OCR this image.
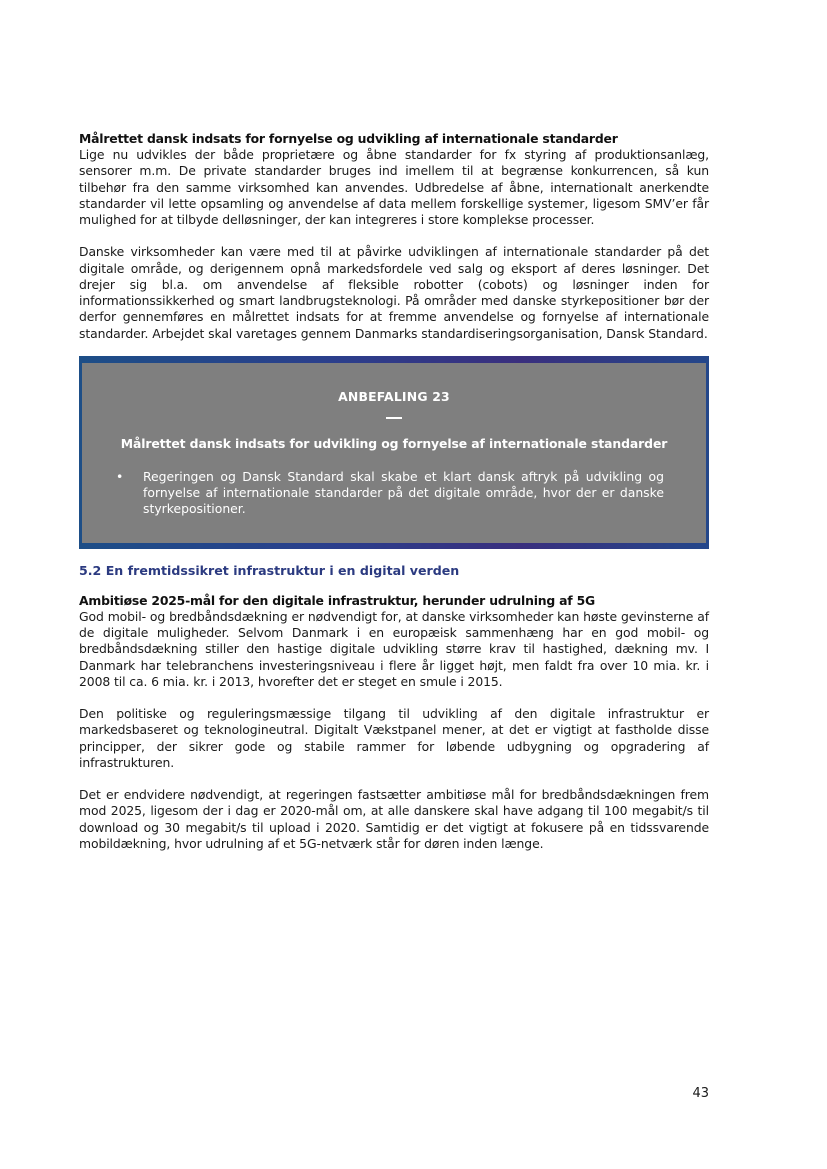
Målrettet dansk indsats for fornyelse og udvikling af internationale standarder

Lige nu udvikles der både proprietære og åbne standarder for fx styring af produktionsanlæg, sensorer m.m. De private standarder bruges ind imellem til at begrænse konkurrencen, så kun tilbehør fra den samme virksomhed kan anvendes. Udbredelse af åbne, internationalt anerkendte standarder vil lette opsamling og anvendelse af data mellem forskellige systemer, ligesom SMV’er får mulighed for at tilbyde delløsninger, der kan integreres i store komplekse processer.

Danske virksomheder kan være med til at påvirke udviklingen af internationale standarder på det digitale område, og derigennem opnå markedsfordele ved salg og eksport af deres løsninger. Det drejer sig bl.a. om anvendelse af fleksible robotter (cobots) og løsninger inden for informationssikkerhed og smart landbrugsteknologi. På områder med danske styrkepositioner bør der derfor gennemføres en målrettet indsats for at fremme anvendelse og fornyelse af internationale standarder. Arbejdet skal varetages gennem Danmarks standardiseringsorganisation, Dansk Standard.

ANBEFALING 23
Målrettet dansk indsats for udvikling og fornyelse af internationale standarder
• Regeringen og Dansk Standard skal skabe et klart dansk aftryk på udvikling og fornyelse af internationale standarder på det digitale område, hvor der er danske styrkepositioner.
5.2 En fremtidssikret infrastruktur i en digital verden
Ambitiøse 2025-mål for den digitale infrastruktur, herunder udrulning af 5G

God mobil- og bredbåndsdækning er nødvendigt for, at danske virksomheder kan høste gevinsterne af de digitale muligheder. Selvom Danmark i en europæisk sammenhæng har en god mobil- og bredbåndsdækning stiller den hastige digitale udvikling større krav til hastighed, dækning mv. I Danmark har telebranchens investeringsniveau i flere år ligget højt, men faldt fra over 10 mia. kr. i 2008 til ca. 6 mia. kr. i 2013, hvorefter det er steget en smule i 2015.

Den politiske og reguleringsmæssige tilgang til udvikling af den digitale infrastruktur er markedsbaseret og teknologineutral. Digitalt Vækstpanel mener, at det er vigtigt at fastholde disse principper, der sikrer gode og stabile rammer for løbende udbygning og opgradering af infrastrukturen.

Det er endvidere nødvendigt, at regeringen fastsætter ambitiøse mål for bredbåndsdækningen frem mod 2025, ligesom der i dag er 2020-mål om, at alle danskere skal have adgang til 100 megabit/s til download og 30 megabit/s til upload i 2020. Samtidig er det vigtigt at fokusere på en tidssvarende mobildækning, hvor udrulning af et 5G-netværk står for døren inden længe.

43
